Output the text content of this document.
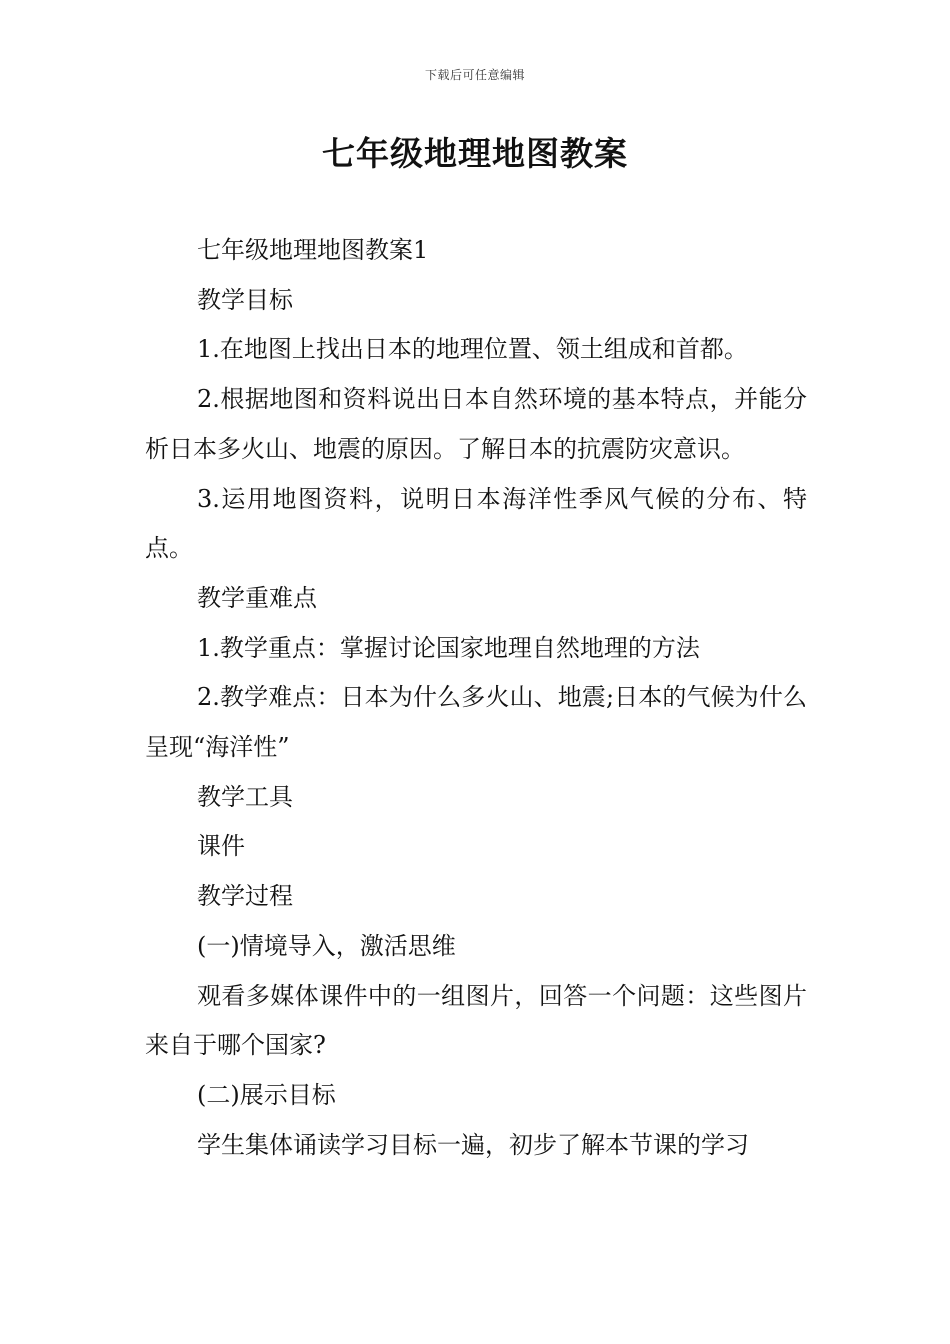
下载后可任意编辑
七年级地理地图教案

七年级地理地图教案1

教学目标

1.在地图上找出日本的地理位置、领土组成和首都。

2.根据地图和资料说出日本自然环境的基本特点，并能分析日本多火山、地震的原因。了解日本的抗震防灾意识。

3.运用地图资料，说明日本海洋性季风气候的分布、特点。

教学重难点

1.教学重点：掌握讨论国家地理自然地理的方法

2.教学难点：日本为什么多火山、地震;日本的气候为什么呈现“海洋性”

教学工具

课件

教学过程

(一)情境导入，激活思维

观看多媒体课件中的一组图片，回答一个问题：这些图片来自于哪个国家?

(二)展示目标

学生集体诵读学习目标一遍，初步了解本节课的学习
